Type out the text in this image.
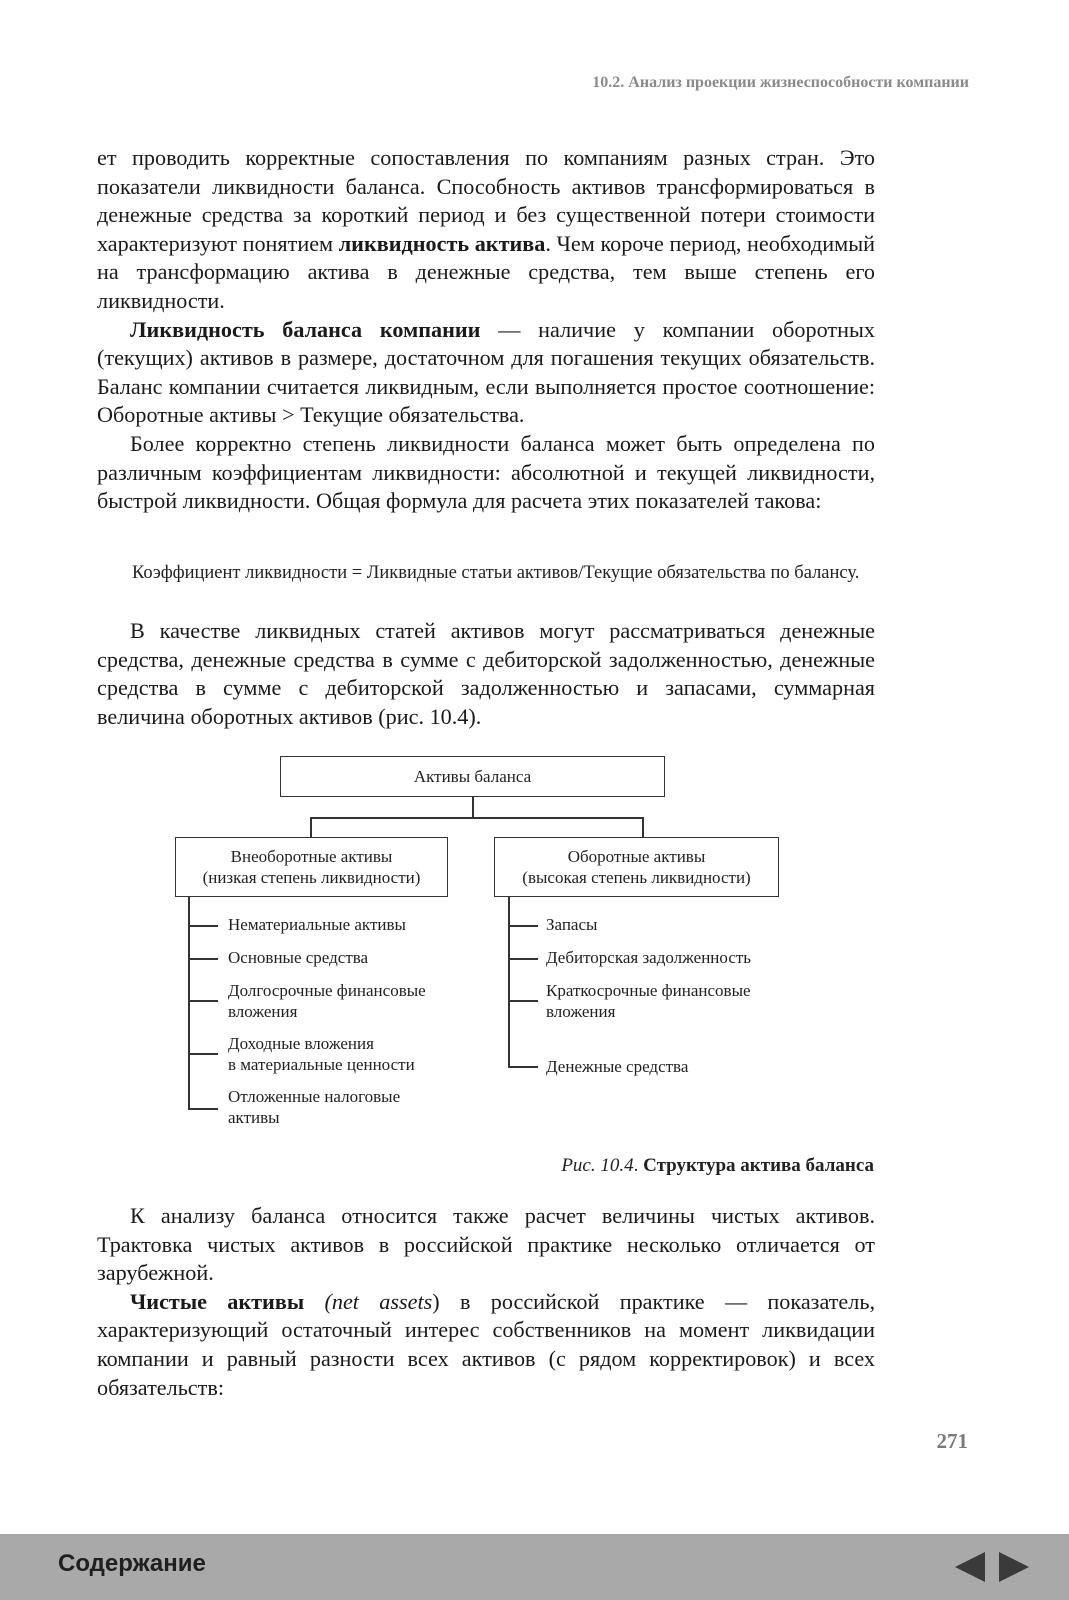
10.2. Анализ проекции жизнеспособности компании

ет проводить корректные сопоставления по компаниям разных стран. Это показатели ликвидности баланса. Способность активов трансформироваться в денежные средства за короткий период и без существенной потери стоимости характеризуют понятием ликвидность актива. Чем короче период, необходимый на трансформацию актива в денежные средства, тем выше степень его ликвидности.

Ликвидность баланса компании — наличие у компании оборотных (текущих) активов в размере, достаточном для погашения текущих обязательств. Баланс компании считается ликвидным, если выполняется простое соотношение: Оборотные активы > Текущие обязательства.

Более корректно степень ликвидности баланса может быть определена по различным коэффициентам ликвидности: абсолютной и текущей ликвидности, быстрой ликвидности. Общая формула для расчета этих показателей такова:

Коэффициент ликвидности = Ликвидные статьи активов/Текущие обязательства по балансу.

В качестве ликвидных статей активов могут рассматриваться денежные средства, денежные средства в сумме с дебиторской задолженностью, денежные средства в сумме с дебиторской задолженностью и запасами, суммарная величина оборотных активов (рис. 10.4).

Активы баланса
Внеоборотные активы
(низкая степень ликвидности)
Оборотные активы
(высокая степень ликвидности)
Нематериальные активы
Основные средства
Долгосрочные финансовые
вложения
Доходные вложения
в материальные ценности
Отложенные налоговые
активы
Запасы
Дебиторская задолженность
Краткосрочные финансовые
вложения
Денежные средства
Рис. 10.4. Структура актива баланса

К анализу баланса относится также расчет величины чистых активов. Трактовка чистых активов в российской практике несколько отличается от зарубежной.

Чистые активы (net assets) в российской практике — показатель, характеризующий остаточный интерес собственников на момент ликвидации компании и равный разности всех активов (с рядом корректировок) и всех обязательств:

271
Содержание
